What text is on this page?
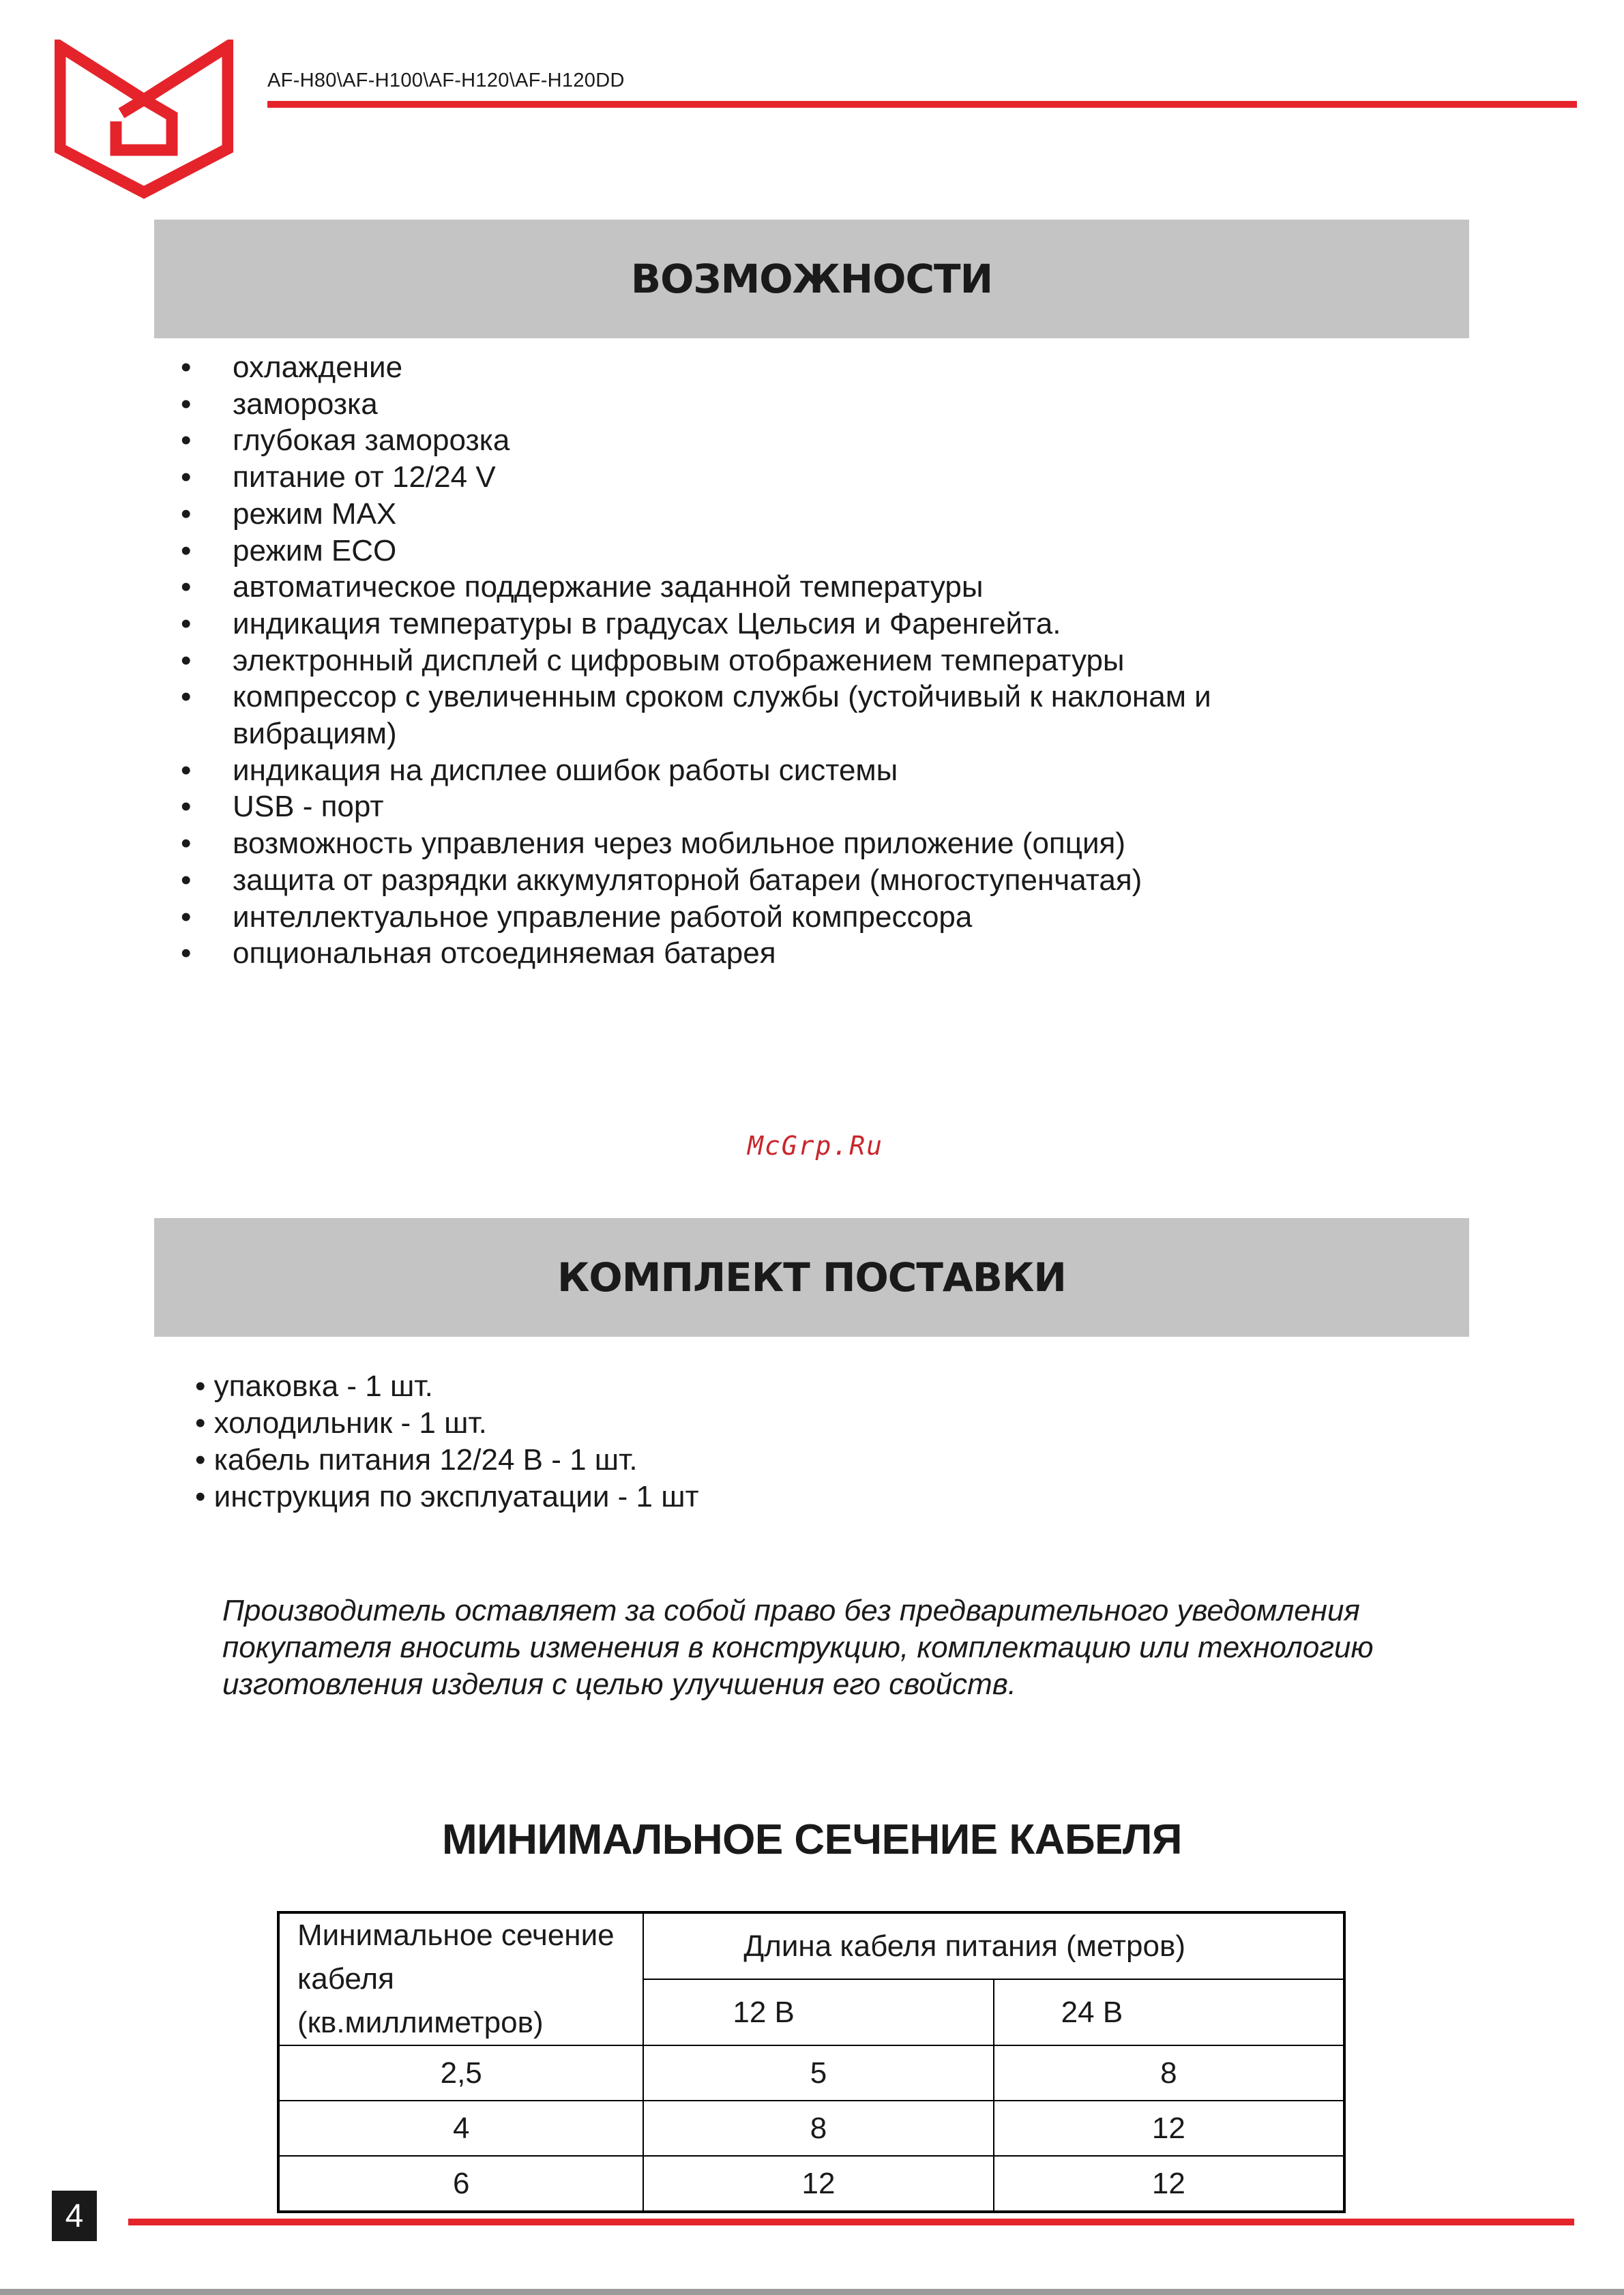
AF-H80\AF-H100\AF-H120\AF-H120DD
ВОЗМОЖНОСТИ
• охлаждение
• заморозка
• глубокая заморозка
• питание от 12/24 V
• режим MAX
• режим ECO
• автоматическое поддержание заданной температуры
• индикация температуры в градусах Цельсия и Фаренгейта.
• электронный дисплей с цифровым отображением температуры
• компрессор с увеличенным сроком службы (устойчивый к наклонам и вибрациям)
• индикация на дисплее ошибок работы системы
• USB - порт
• возможность управления через мобильное приложение (опция)
• защита от разрядки аккумуляторной батареи (многоступенчатая)
• интеллектуальное управление работой компрессора
• опциональная отсоединяемая батарея
McGrp.Ru
КОМПЛЕКТ ПОСТАВКИ
• упаковка - 1 шт.
• холодильник - 1 шт.
• кабель питания 12/24 В - 1 шт.
• инструкция по эксплуатации - 1 шт

Производитель оставляет за собой право без предварительного уведомления покупателя вносить изменения в конструкцию, комплектацию или технологию изготовления изделия с целью улучшения его свойств.

МИНИМАЛЬНОЕ СЕЧЕНИЕ КАБЕЛЯ
Минимальное сечение
кабеля (кв.миллиметров)	Длина кабеля питания (метров)	
	12 В	24 В
2,5	5	8
4	8	12
6	12	12
4
